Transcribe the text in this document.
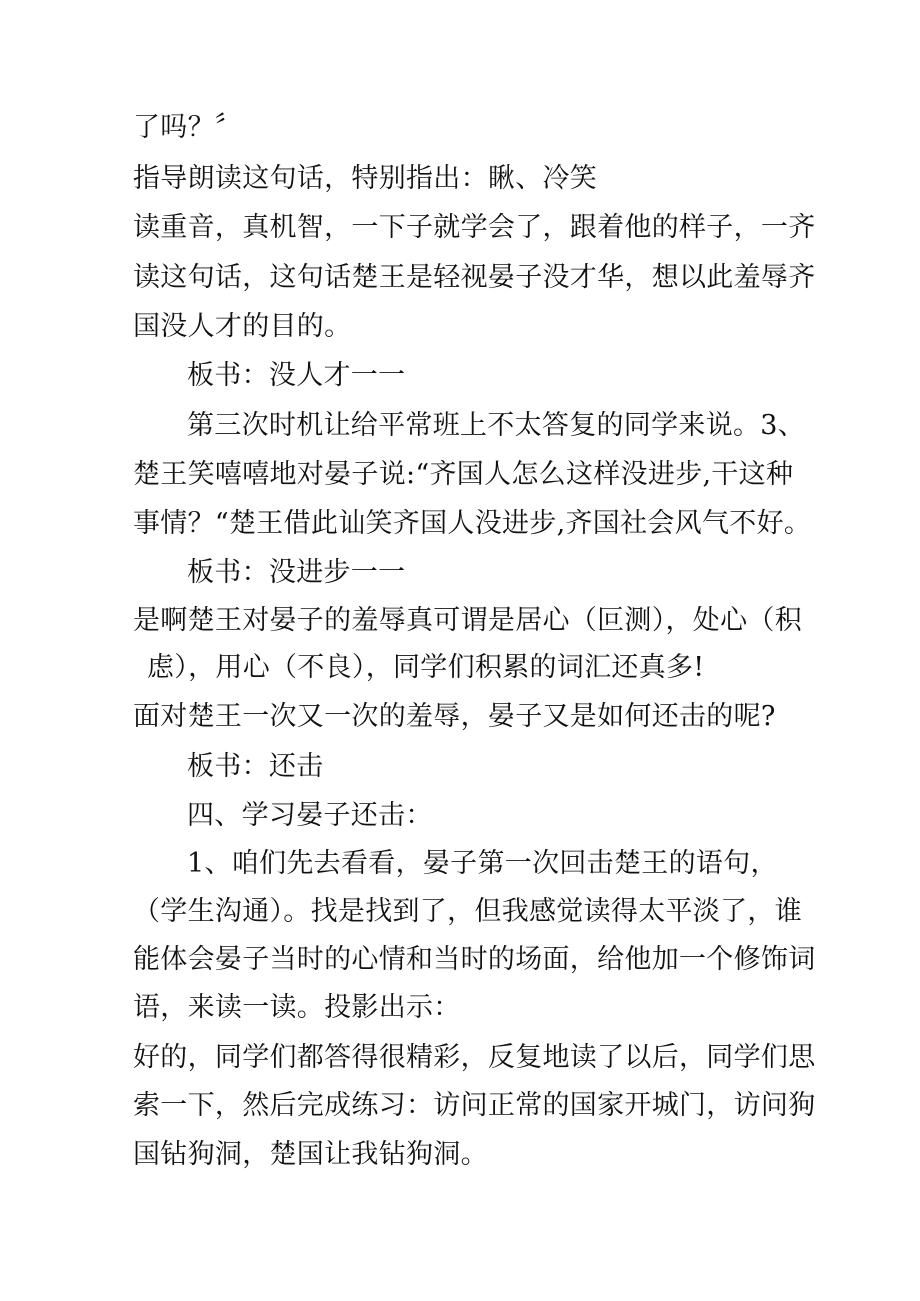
了吗？〞
指导朗读这句话，特别指出：瞅、冷笑
读重音，真机智，一下子就学会了，跟着他的样子，一齐
读这句话，这句话楚王是轻视晏子没才华，想以此羞辱齐
国没人才的目的。
板书：没人才一一
第三次时机让给平常班上不太答复的同学来说。3、
楚王笑嘻嘻地对晏子说:“齐国人怎么这样没进步,干这种
事情？“楚王借此讪笑齐国人没进步,齐国社会风气不好。
板书：没进步一一
是啊楚王对晏子的羞辱真可谓是居心（叵测），处心（积
虑），用心（不良），同学们积累的词汇还真多!
面对楚王一次又一次的羞辱，晏子又是如何还击的呢?
板书：还击
四、学习晏子还击：
1、咱们先去看看，晏子第一次回击楚王的语句，
（学生沟通）。找是找到了，但我感觉读得太平淡了，谁
能体会晏子当时的心情和当时的场面，给他加一个修饰词
语，来读一读。投影出示：
好的，同学们都答得很精彩，反复地读了以后，同学们思
索一下，然后完成练习：访问正常的国家开城门，访问狗
国钻狗洞，楚国让我钻狗洞。
